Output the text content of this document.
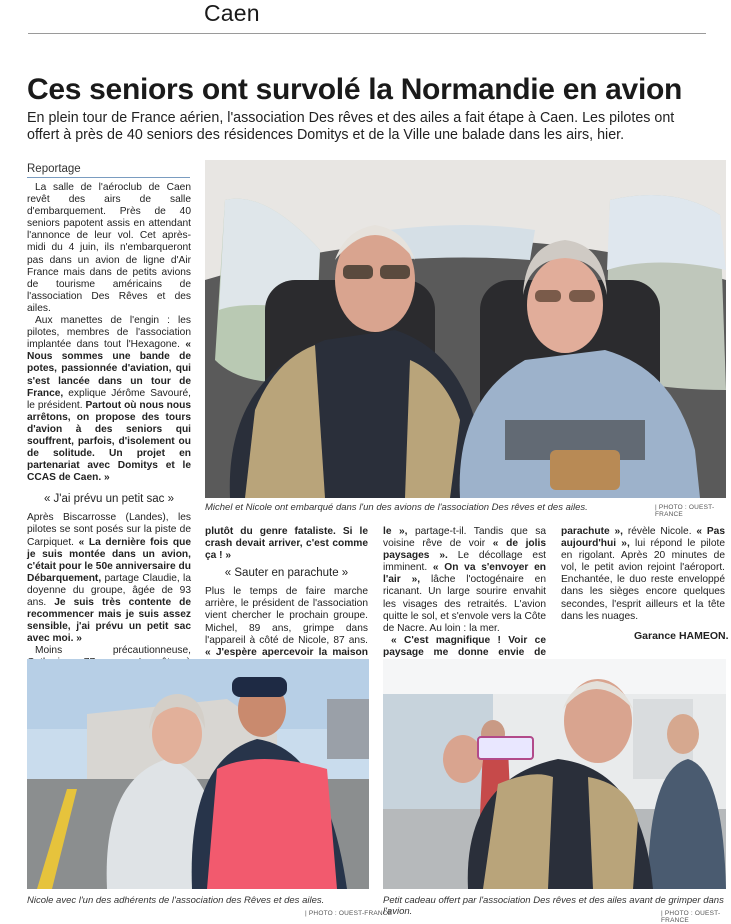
Caen
Ces seniors ont survolé la Normandie en avion
En plein tour de France aérien, l'association Des rêves et des ailes a fait étape à Caen. Les pilotes ont offert à près de 40 seniors des résidences Domitys et de la Ville une balade dans les airs, hier.
Reportage

La salle de l'aéroclub de Caen revêt des airs de salle d'embarquement. Près de 40 seniors papotent assis en attendant l'annonce de leur vol. Cet après-midi du 4 juin, ils n'embarqueront pas dans un avion de ligne d'Air France mais dans de petits avions de tourisme américains de l'association Des Rêves et des ailes.

Aux manettes de l'engin : les pilotes, membres de l'association implantée dans tout l'Hexagone. « Nous sommes une bande de potes, passionnée d'aviation, qui s'est lancée dans un tour de France, explique Jérôme Savouré, le président. Partout où nous nous arrêtons, on propose des tours d'avion à des seniors qui souffrent, parfois, d'isolement ou de solitude. Un projet en partenariat avec Domitys et le CCAS de Caen. »

« J'ai prévu un petit sac »

Après Biscarrosse (Landes), les pilotes se sont posés sur la piste de Carpiquet. « La dernière fois que je suis montée dans un avion, c'était pour le 50e anniversaire du Débarquement, partage Claudie, la doyenne du groupe, âgée de 93 ans. Je suis très contente de recommencer mais je suis assez sensible, j'ai prévu un petit sac avec moi. »

Moins précautionneuse,

Michel et Nicole ont embarqué dans l'un des avions de l'association Des rêves et des ailes.	| PHOTO : OUEST-FRANCE

plutôt du genre fataliste. Si le crash devait arriver, c'est comme ça ! »

« Sauter en parachute »

Plus le temps de faire marche arrière, le président de l'association vient chercher le prochain groupe. Michel, 89 ans, grimpe dans l'appareil à côté de Nicole, 87 ans. « J'espère apercevoir la maison

le », partage-t-il. Tandis que sa voisine rêve de voir « de jolis paysages ». Le décollage est imminent. « On va s'envoyer en l'air », lâche l'octogénaire en ricanant. Un large sourire envahit les visages des retraités. L'avion quitte le sol, et s'envole vers la Côte de Nacre. Au loin : la mer.

« C'est magnifique ! Voir ce paysage me donne envie de

parachute », révèle Nicole. « Pas aujourd'hui », lui répond le pilote en rigolant. Après 20 minutes de vol, le petit avion rejoint l'aéroport. Enchantée, le duo reste enveloppé dans les sièges encore quelques secondes, l'esprit ailleurs et la tête dans les nuages.

Garance HAMEON.
Nicole avec l'un des adhérents de l'association des Rêves et des ailes.
| PHOTO : OUEST-FRANCE
Petit cadeau offert par l'association Des rêves et des ailes avant de grimper dans l'avion.	| PHOTO : OUEST-FRANCE
